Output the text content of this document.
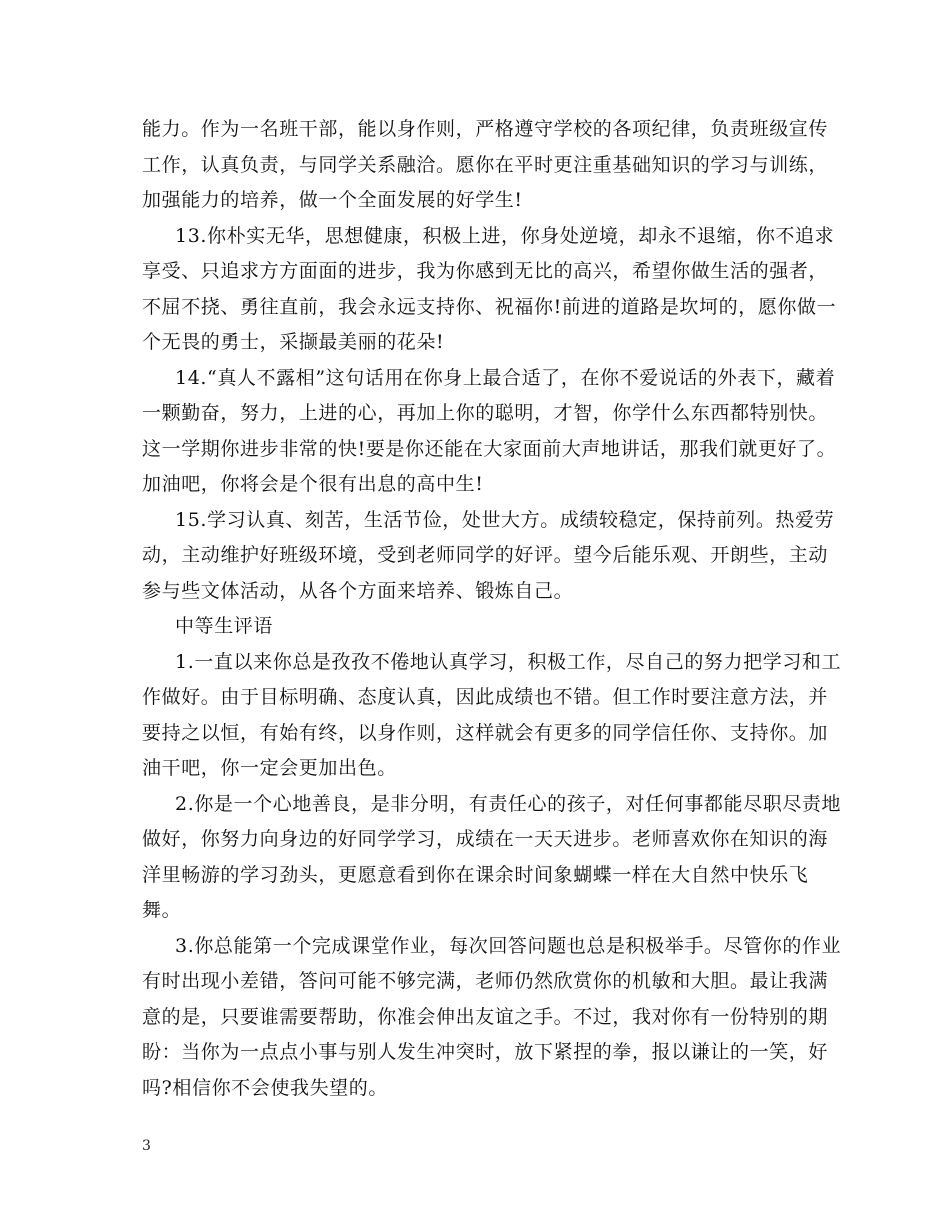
能力。作为一名班干部，能以身作则，严格遵守学校的各项纪律，负责班级宣传工作，认真负责，与同学关系融洽。愿你在平时更注重基础知识的学习与训练，加强能力的培养，做一个全面发展的好学生!

13.你朴实无华，思想健康，积极上进，你身处逆境，却永不退缩，你不追求享受、只追求方方面面的进步，我为你感到无比的高兴，希望你做生活的强者，不屈不挠、勇往直前，我会永远支持你、祝福你!前进的道路是坎坷的，愿你做一个无畏的勇士，采撷最美丽的花朵!

14.“真人不露相”这句话用在你身上最合适了，在你不爱说话的外表下，藏着一颗勤奋，努力，上进的心，再加上你的聪明，才智，你学什么东西都特别快。这一学期你进步非常的快!要是你还能在大家面前大声地讲话，那我们就更好了。加油吧，你将会是个很有出息的高中生!

15.学习认真、刻苦，生活节俭，处世大方。成绩较稳定，保持前列。热爱劳动，主动维护好班级环境，受到老师同学的好评。望今后能乐观、开朗些，主动参与些文体活动，从各个方面来培养、锻炼自己。

中等生评语

1.一直以来你总是孜孜不倦地认真学习，积极工作，尽自己的努力把学习和工作做好。由于目标明确、态度认真，因此成绩也不错。但工作时要注意方法，并要持之以恒，有始有终，以身作则，这样就会有更多的同学信任你、支持你。加油干吧，你一定会更加出色。

2.你是一个心地善良，是非分明，有责任心的孩子，对任何事都能尽职尽责地做好，你努力向身边的好同学学习，成绩在一天天进步。老师喜欢你在知识的海洋里畅游的学习劲头，更愿意看到你在课余时间象蝴蝶一样在大自然中快乐飞舞。

3.你总能第一个完成课堂作业，每次回答问题也总是积极举手。尽管你的作业有时出现小差错，答问可能不够完满，老师仍然欣赏你的机敏和大胆。最让我满意的是，只要谁需要帮助，你准会伸出友谊之手。不过，我对你有一份特别的期盼：当你为一点点小事与别人发生冲突时，放下紧捏的拳，报以谦让的一笑，好吗?相信你不会使我失望的。

3
